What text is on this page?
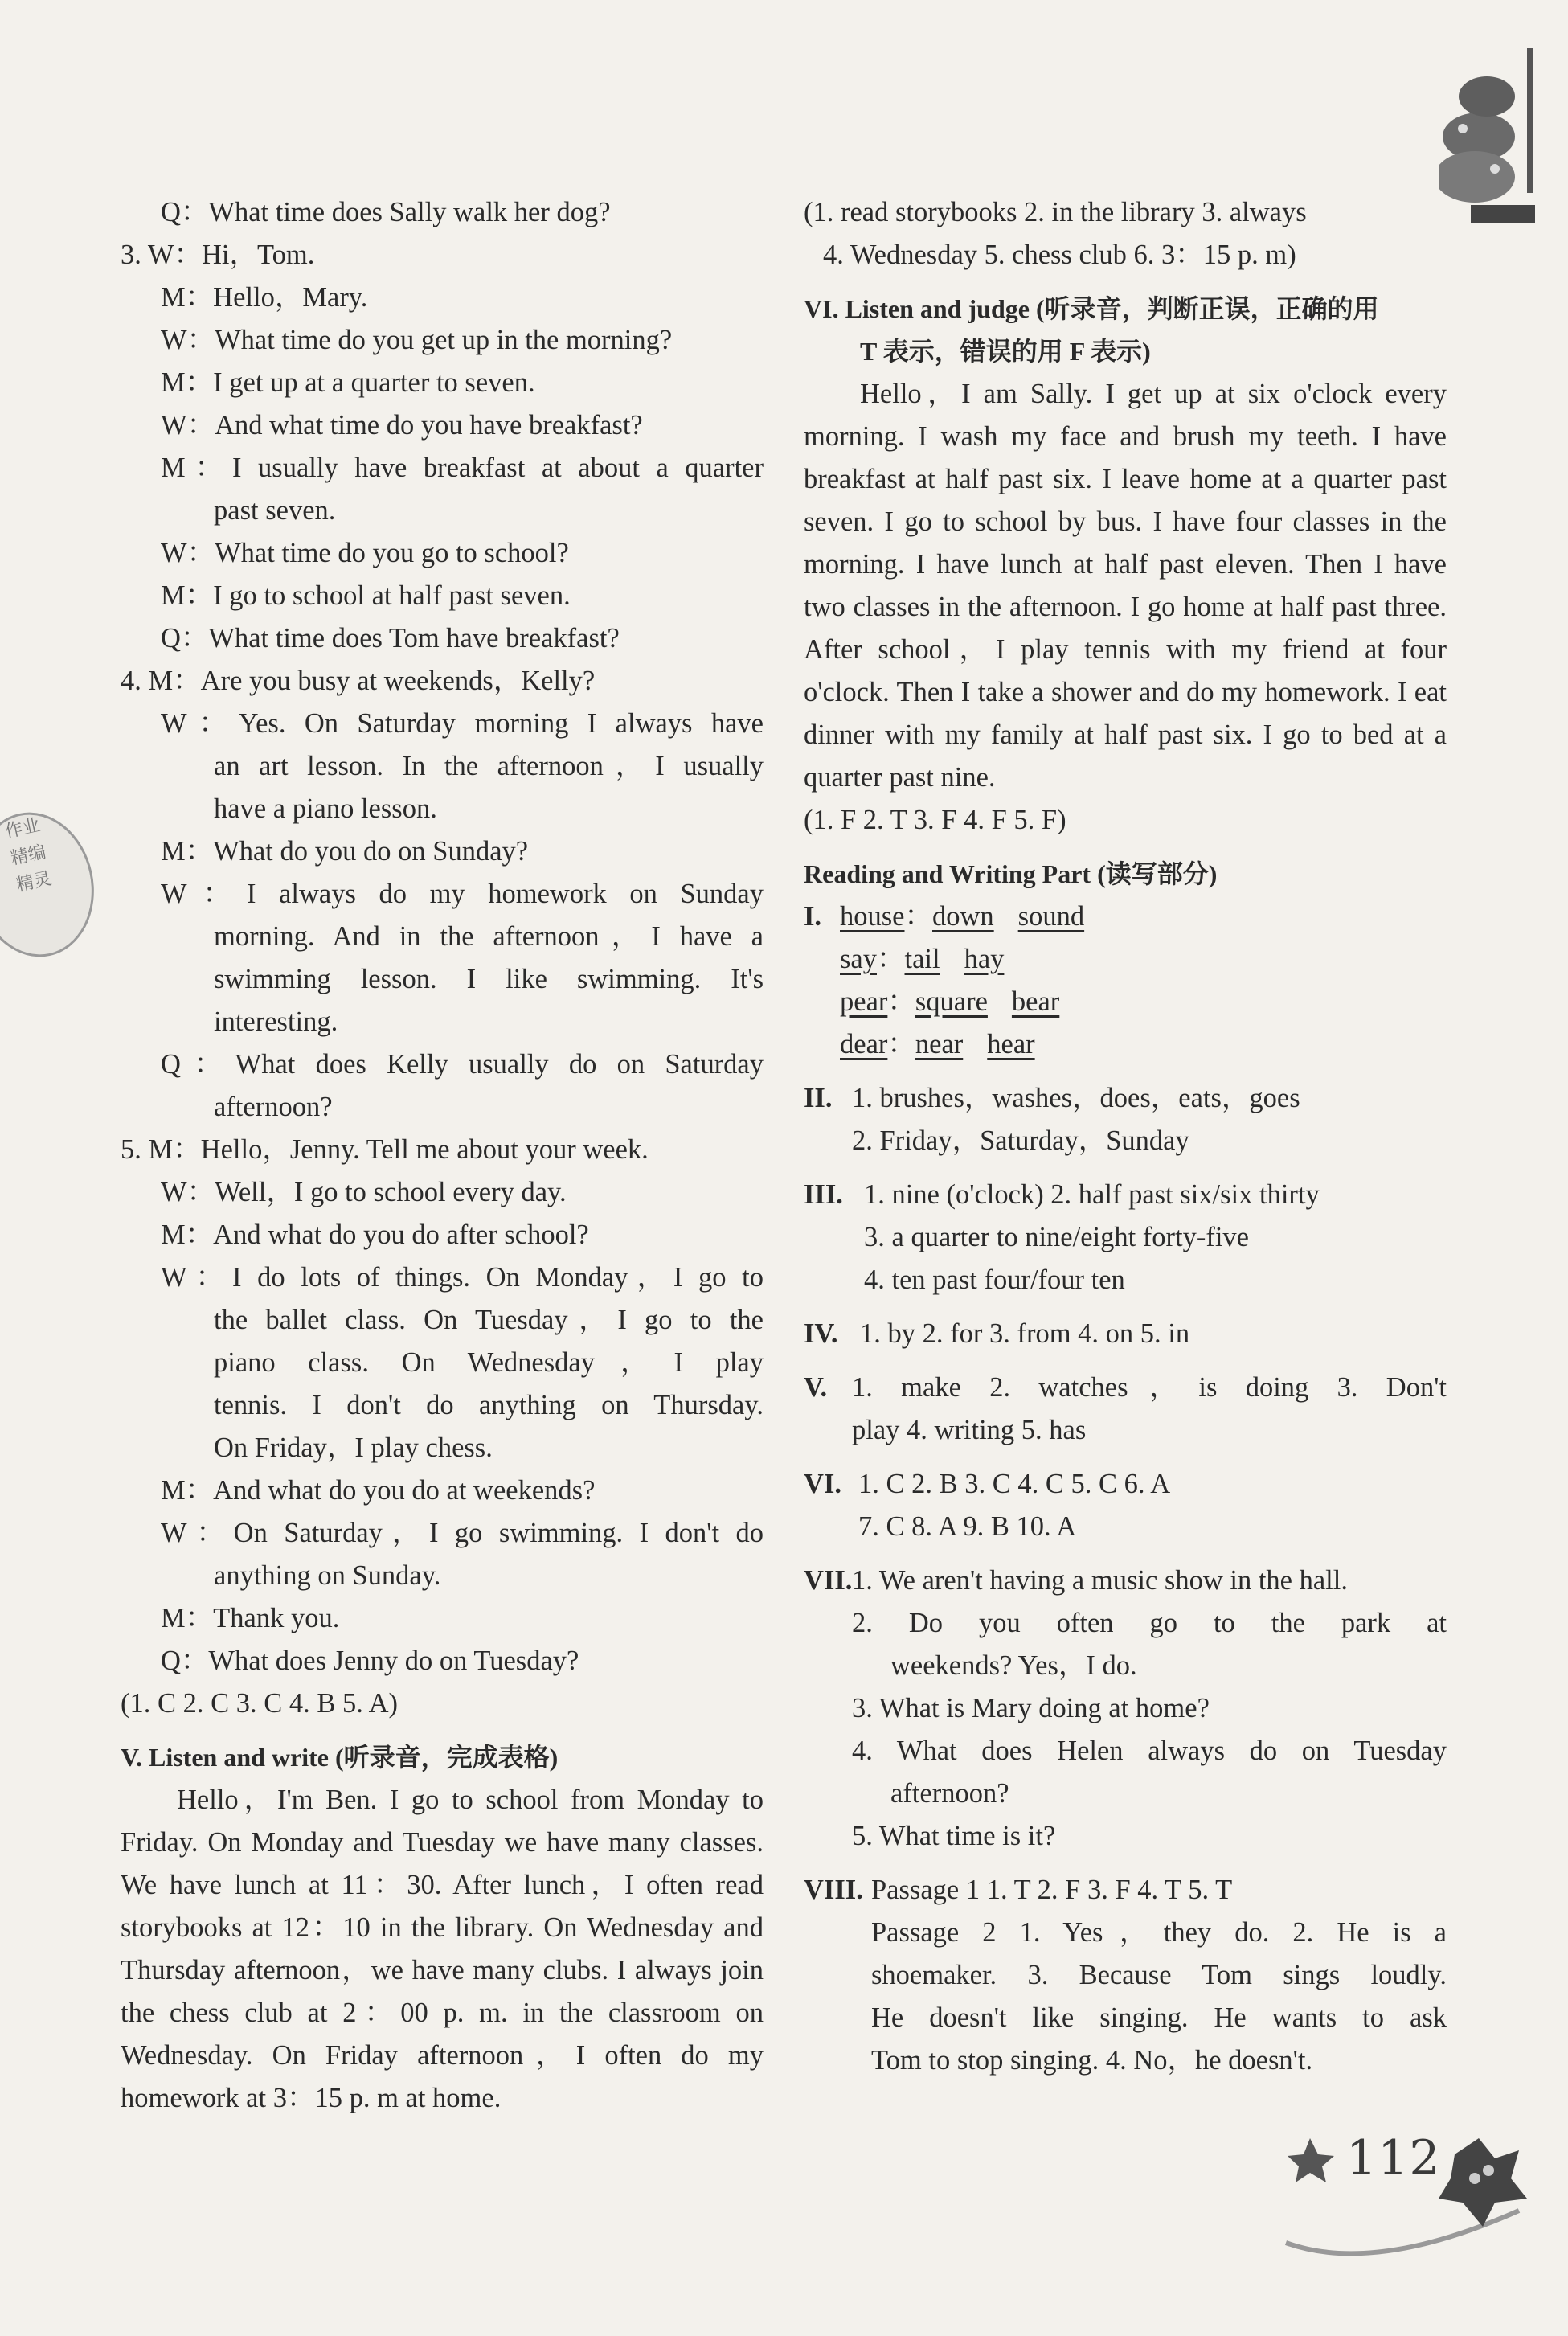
作业
精编
精灵
Q：What time does Sally walk her dog?
3. W：Hi，Tom.
M：Hello，Mary.
W：What time do you get up in the morning?
M：I get up at a quarter to seven.
W：And what time do you have breakfast?
M：I usually have breakfast at about a quarter
past seven.
W：What time do you go to school?
M：I go to school at half past seven.
Q：What time does Tom have breakfast?
4. M：Are you busy at weekends，Kelly?
W：Yes. On Saturday morning I always have
an art lesson. In the afternoon，I usually
have a piano lesson.
M：What do you do on Sunday?
W：I always do my homework on Sunday
morning. And in the afternoon，I have a
swimming lesson. I like swimming. It's
interesting.
Q：What does Kelly usually do on Saturday
afternoon?
5. M：Hello，Jenny. Tell me about your week.
W：Well，I go to school every day.
M：And what do you do after school?
W：I do lots of things. On Monday，I go to
the ballet class. On Tuesday，I go to the
piano class. On Wednesday，I play
tennis. I don't do anything on Thursday.
On Friday，I play chess.
M：And what do you do at weekends?
W：On Saturday，I go swimming. I don't do
anything on Sunday.
M：Thank you.
Q：What does Jenny do on Tuesday?
(1. C 2. C 3. C 4. B 5. A)
V. Listen and write (听录音，完成表格)
Hello，I'm Ben. I go to school from Monday to Friday. On Monday and Tuesday we have many classes. We have lunch at 11：30. After lunch，I often read storybooks at 12：10 in the library. On Wednesday and Thursday afternoon，we have many clubs. I always join the chess club at 2：00 p. m. in the classroom on Wednesday. On Friday afternoon，I often do my homework at 3：15 p. m at home.
(1. read storybooks 2. in the library 3. always
4. Wednesday 5. chess club 6. 3：15 p. m)
VI. Listen and judge (听录音，判断正误，正确的用
T 表示，错误的用 F 表示)
Hello，I am Sally. I get up at six o'clock every morning. I wash my face and brush my teeth. I have breakfast at half past six. I leave home at a quarter past seven. I go to school by bus. I have four classes in the morning. I have lunch at half past eleven. Then I have two classes in the afternoon. I go home at half past three. After school，I play tennis with my friend at four o'clock. Then I take a shower and do my homework. I eat dinner with my family at half past six. I go to bed at a quarter past nine.
(1. F 2. T 3. F 4. F 5. F)
Reading and Writing Part (读写部分)
I. house：down sound
say：tail hay
pear：square bear
dear：near hear
II. 1. brushes，washes，does，eats，goes
2. Friday，Saturday，Sunday
III. 1. nine (o'clock) 2. half past six/six thirty
3. a quarter to nine/eight forty-five
4. ten past four/four ten
IV. 1. by 2. for 3. from 4. on 5. in
V. 1. make 2. watches，is doing 3. Don't
play 4. writing 5. has
VI. 1. C 2. B 3. C 4. C 5. C 6. A
7. C 8. A 9. B 10. A
VII. 1. We aren't having a music show in the hall.
2. Do you often go to the park at
weekends? Yes，I do.
3. What is Mary doing at home?
4. What does Helen always do on Tuesday
afternoon?
5. What time is it?
VIII. Passage 1 1. T 2. F 3. F 4. T 5. T
Passage 2 1. Yes，they do. 2. He is a
shoemaker. 3. Because Tom sings loudly.
He doesn't like singing. He wants to ask
Tom to stop singing. 4. No，he doesn't.
112
